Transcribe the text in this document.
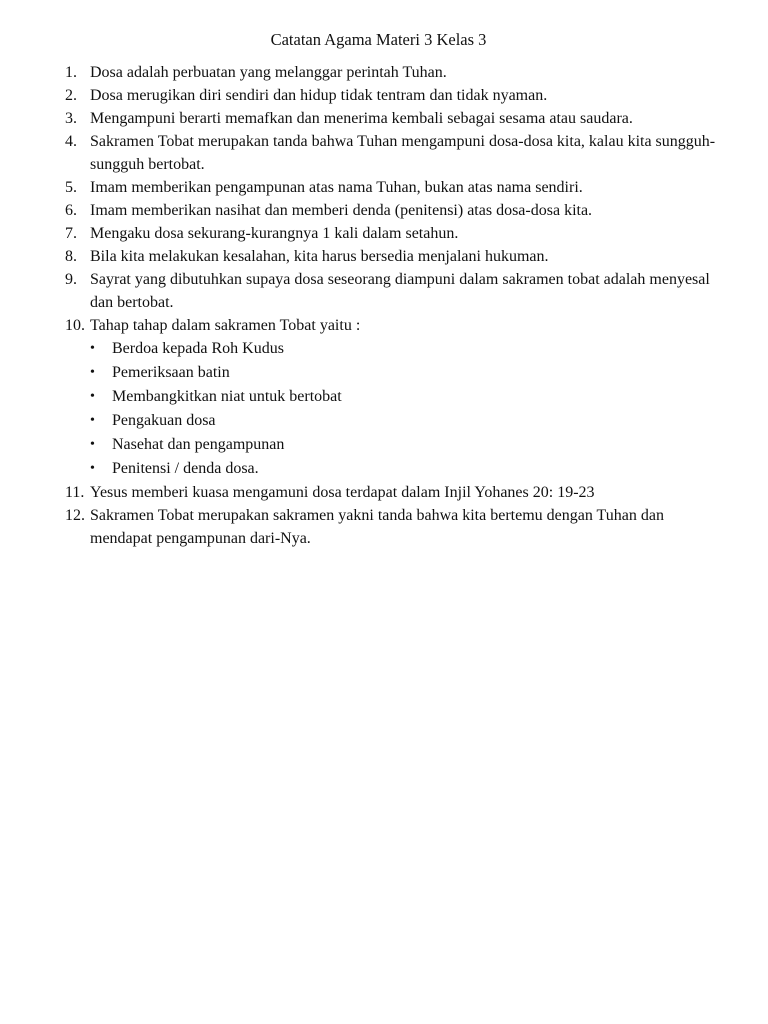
Catatan Agama Materi 3 Kelas 3
1. Dosa adalah perbuatan yang melanggar perintah Tuhan.
2. Dosa merugikan diri sendiri dan hidup tidak tentram dan tidak nyaman.
3. Mengampuni berarti memafkan dan menerima kembali sebagai sesama atau saudara.
4. Sakramen Tobat merupakan tanda bahwa Tuhan mengampuni dosa-dosa kita, kalau kita sungguh-sungguh bertobat.
5. Imam memberikan pengampunan atas nama Tuhan, bukan atas nama sendiri.
6. Imam memberikan nasihat dan memberi denda (penitensi) atas dosa-dosa kita.
7. Mengaku dosa sekurang-kurangnya 1 kali dalam setahun.
8. Bila kita melakukan kesalahan, kita harus bersedia menjalani hukuman.
9. Sayrat yang dibutuhkan supaya dosa seseorang diampuni dalam sakramen tobat adalah menyesal dan bertobat.
10. Tahap tahap dalam sakramen Tobat yaitu :
•	Berdoa kepada Roh Kudus
•	Pemeriksaan batin
•	Membangkitkan niat untuk bertobat
•	Pengakuan dosa
•	Nasehat dan pengampunan
•	Penitensi / denda dosa.
11. Yesus memberi kuasa mengamuni dosa terdapat dalam Injil Yohanes 20: 19-23
12. Sakramen Tobat merupakan sakramen yakni tanda bahwa kita bertemu dengan Tuhan dan mendapat pengampunan dari-Nya.
